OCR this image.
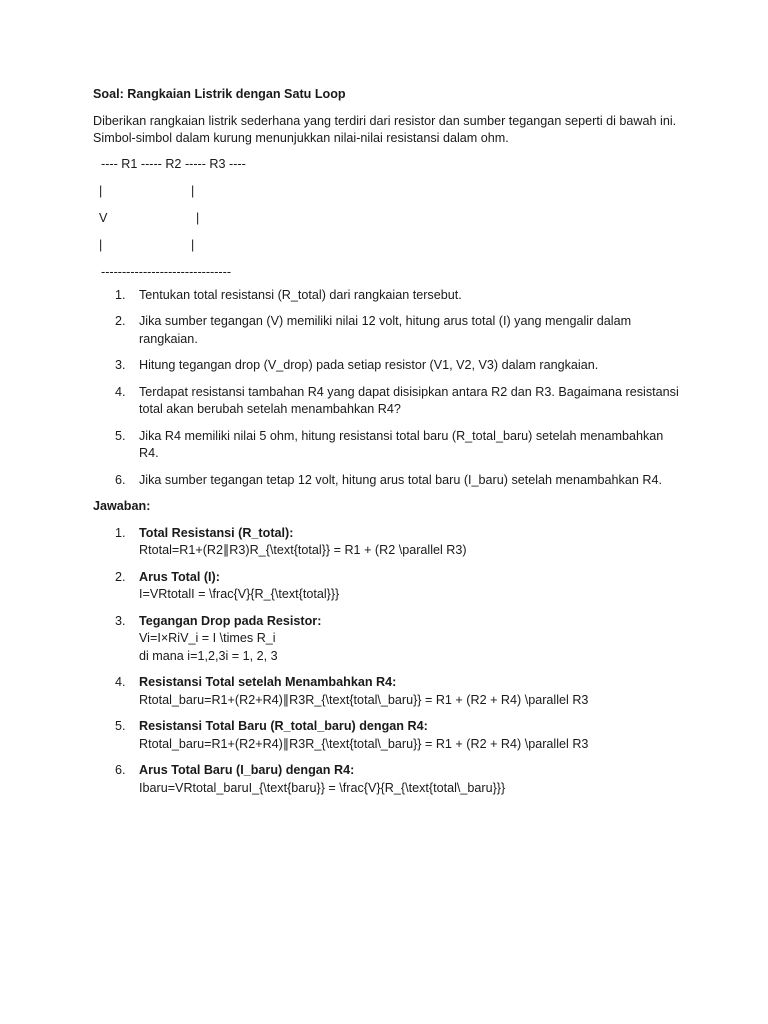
Soal: Rangkaian Listrik dengan Satu Loop
Diberikan rangkaian listrik sederhana yang terdiri dari resistor dan sumber tegangan seperti di bawah ini. Simbol-simbol dalam kurung menunjukkan nilai-nilai resistansi dalam ohm.
---- R1 ----- R2 ----- R3 ----
|	|
V	|
|	|
-------------------------------
1. Tentukan total resistansi (R_total) dari rangkaian tersebut.
2. Jika sumber tegangan (V) memiliki nilai 12 volt, hitung arus total (I) yang mengalir dalam rangkaian.
3. Hitung tegangan drop (V_drop) pada setiap resistor (V1, V2, V3) dalam rangkaian.
4. Terdapat resistansi tambahan R4 yang dapat disisipkan antara R2 dan R3. Bagaimana resistansi total akan berubah setelah menambahkan R4?
5. Jika R4 memiliki nilai 5 ohm, hitung resistansi total baru (R_total_baru) setelah menambahkan R4.
6. Jika sumber tegangan tetap 12 volt, hitung arus total baru (I_baru) setelah menambahkan R4.
Jawaban:
1. Total Resistansi (R_total):
Rtotal=R1+(R2∥R3)R_{\text{total}} = R1 + (R2 \parallel R3)
2. Arus Total (I):
I=VRtotalI = \frac{V}{R_{\text{total}}}
3. Tegangan Drop pada Resistor:
Vi=I×RiV_i = I \times R_i
di mana i=1,2,3i = 1, 2, 3
4. Resistansi Total setelah Menambahkan R4:
Rtotal_baru=R1+(R2+R4)∥R3R_{\text{total\_baru}} = R1 + (R2 + R4) \parallel R3
5. Resistansi Total Baru (R_total_baru) dengan R4:
Rtotal_baru=R1+(R2+R4)∥R3R_{\text{total\_baru}} = R1 + (R2 + R4) \parallel R3
6. Arus Total Baru (I_baru) dengan R4:
Ibaru=VRtotal_baruI_{\text{baru}} = \frac{V}{R_{\text{total\_baru}}}
